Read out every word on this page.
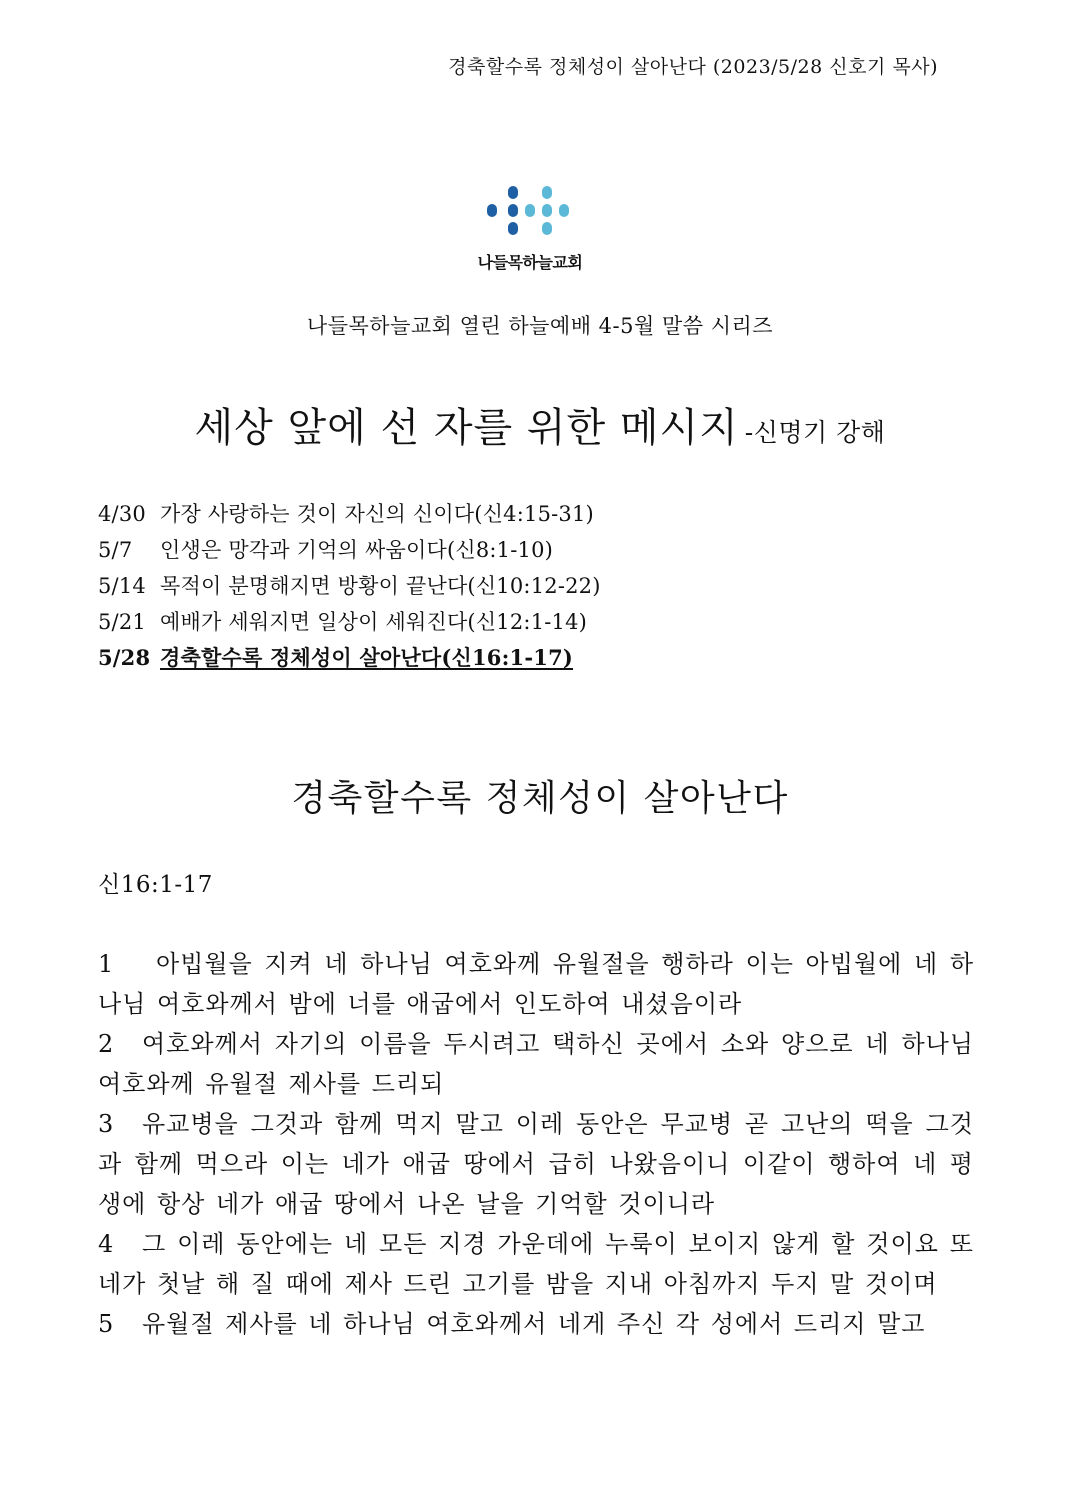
경축할수록 정체성이 살아난다 (2023/5/28 신호기 목사)
나들목하늘교회
나들목하늘교회 열린 하늘예배 4-5월 말씀 시리즈
세상 앞에 선 자를 위한 메시지 -신명기 강해
4/30 가장 사랑하는 것이 자신의 신이다(신4:15-31)
5/7 인생은 망각과 기억의 싸움이다(신8:1-10)
5/14 목적이 분명해지면 방황이 끝난다(신10:12-22)
5/21 예배가 세워지면 일상이 세워진다(신12:1-14)
5/28 경축할수록 정체성이 살아난다(신16:1-17)
경축할수록 정체성이 살아난다
신16:1-17
1 아빕월을 지켜 네 하나님 여호와께 유월절을 행하라 이는 아빕월에 네 하나님 여호와께서 밤에 너를 애굽에서 인도하여 내셨음이라
2 여호와께서 자기의 이름을 두시려고 택하신 곳에서 소와 양으로 네 하나님 여호와께 유월절 제사를 드리되
3 유교병을 그것과 함께 먹지 말고 이레 동안은 무교병 곧 고난의 떡을 그것과 함께 먹으라 이는 네가 애굽 땅에서 급히 나왔음이니 이같이 행하여 네 평생에 항상 네가 애굽 땅에서 나온 날을 기억할 것이니라
4 그 이레 동안에는 네 모든 지경 가운데에 누룩이 보이지 않게 할 것이요 또 네가 첫날 해 질 때에 제사 드린 고기를 밤을 지내 아침까지 두지 말 것이며
5 유월절 제사를 네 하나님 여호와께서 네게 주신 각 성에서 드리지 말고
